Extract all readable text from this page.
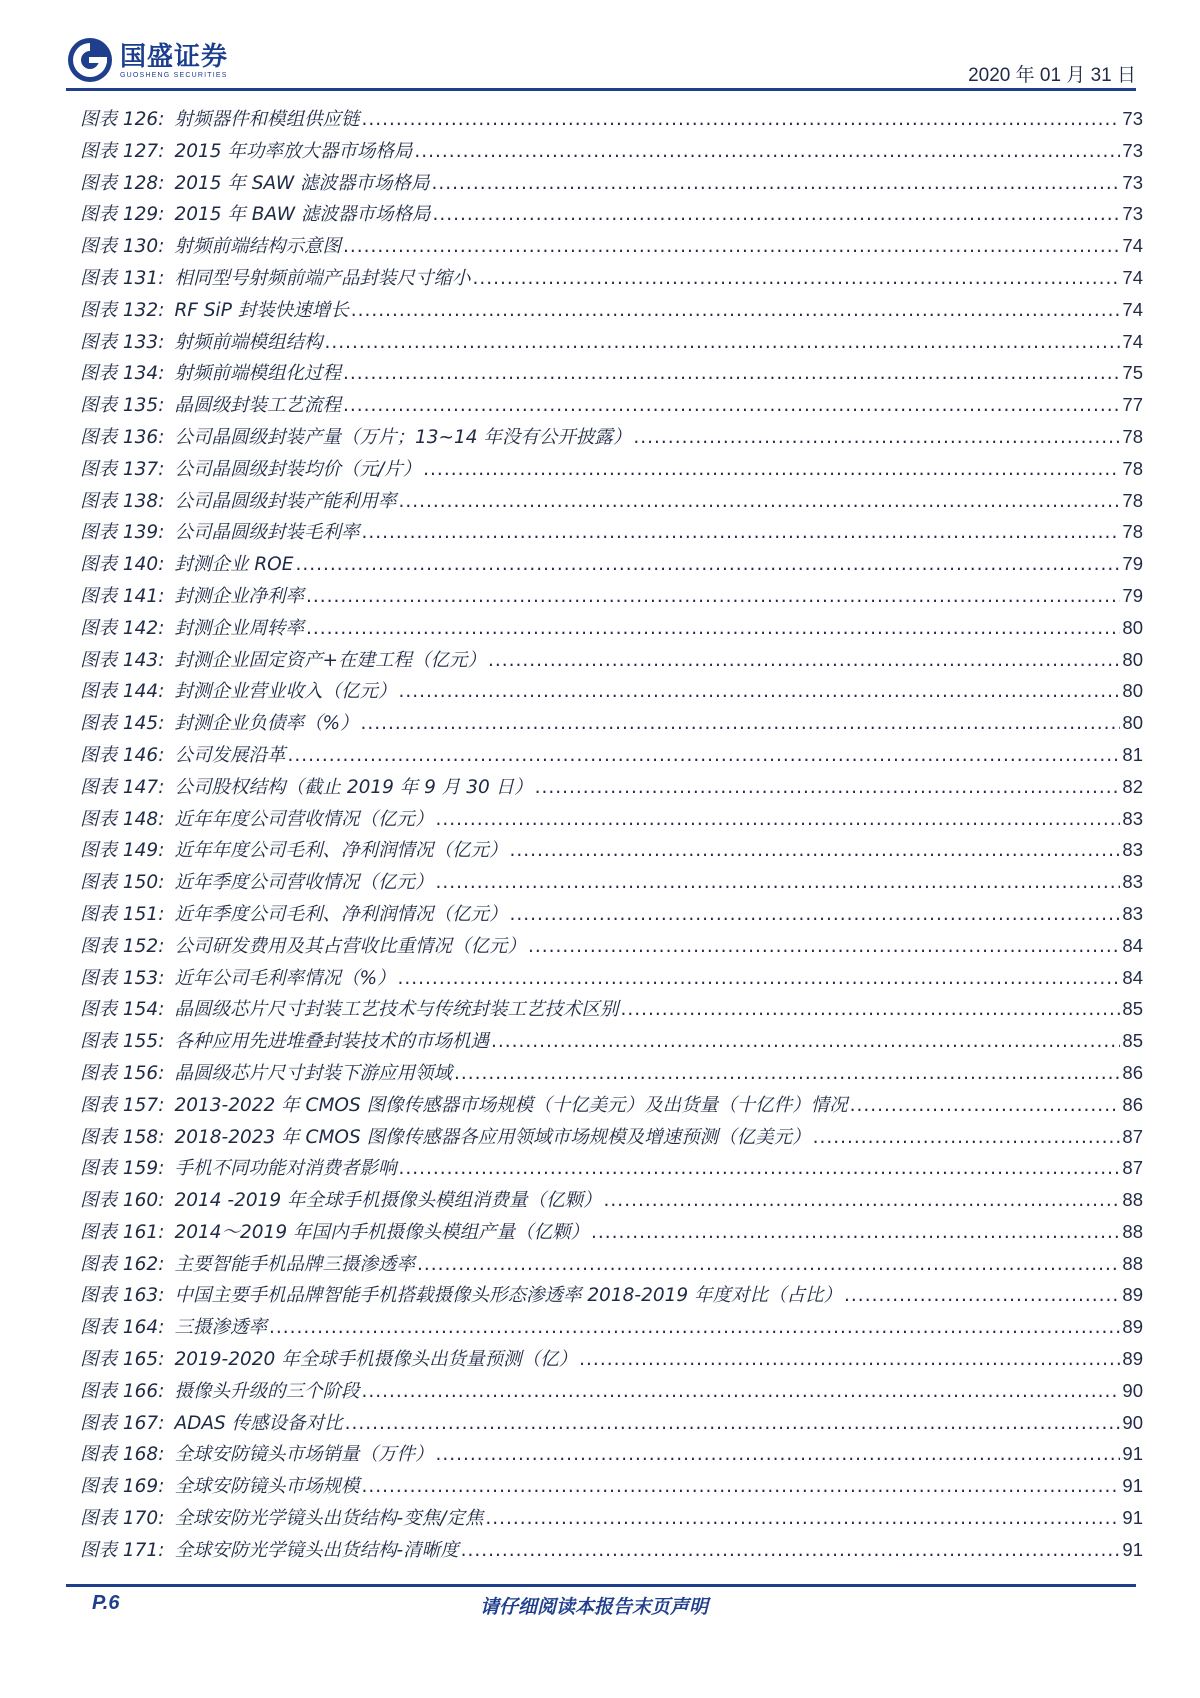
国盛证券
GUOSHENG SECURITIES	2020 年 01 月 31 日
图表 126: 射频器件和模组供应链 .....	73
图表 127: 2015 年功率放大器市场格局 .....	73
图表 128: 2015 年 SAW 滤波器市场格局 .....	73
图表 129: 2015 年 BAW 滤波器市场格局 .....	73
图表 130: 射频前端结构示意图 .....	74
图表 131: 相同型号射频前端产品封装尺寸缩小 .....	74
图表 132: RF SiP 封装快速增长 .....	74
图表 133: 射频前端模组结构 .....	74
图表 134: 射频前端模组化过程 .....	75
图表 135: 晶圆级封装工艺流程 .....	77
图表 136: 公司晶圆级封装产量（万片；13~14 年没有公开披露） .....	78
图表 137: 公司晶圆级封装均价（元/片） .....	78
图表 138: 公司晶圆级封装产能利用率 .....	78
图表 139: 公司晶圆级封装毛利率 .....	78
图表 140: 封测企业 ROE .....	79
图表 141: 封测企业净利率 .....	79
图表 142: 封测企业周转率 .....	80
图表 143: 封测企业固定资产+在建工程（亿元） .....	80
图表 144: 封测企业营业收入（亿元） .....	80
图表 145: 封测企业负债率（%） .....	80
图表 146: 公司发展沿革 .....	81
图表 147: 公司股权结构（截止 2019 年 9 月 30 日） .....	82
图表 148: 近年年度公司营收情况（亿元） .....	83
图表 149: 近年年度公司毛利、净利润情况（亿元） .....	83
图表 150: 近年季度公司营收情况（亿元） .....	83
图表 151: 近年季度公司毛利、净利润情况（亿元） .....	83
图表 152: 公司研发费用及其占营收比重情况（亿元） .....	84
图表 153: 近年公司毛利率情况（%） .....	84
图表 154: 晶圆级芯片尺寸封装工艺技术与传统封装工艺技术区别 .....	85
图表 155: 各种应用先进堆叠封装技术的市场机遇 .....	85
图表 156: 晶圆级芯片尺寸封装下游应用领域 .....	86
图表 157: 2013-2022 年 CMOS 图像传感器市场规模（十亿美元）及出货量（十亿件）情况 .....	86
图表 158: 2018-2023 年 CMOS 图像传感器各应用领域市场规模及增速预测（亿美元） .....	87
图表 159: 手机不同功能对消费者影响 .....	87
图表 160: 2014 -2019 年全球手机摄像头模组消费量（亿颗） .....	88
图表 161: 2014～2019 年国内手机摄像头模组产量（亿颗） .....	88
图表 162: 主要智能手机品牌三摄渗透率 .....	88
图表 163: 中国主要手机品牌智能手机搭载摄像头形态渗透率 2018-2019 年度对比（占比） .....	89
图表 164: 三摄渗透率 .....	89
图表 165: 2019-2020 年全球手机摄像头出货量预测（亿） .....	89
图表 166: 摄像头升级的三个阶段 .....	90
图表 167: ADAS 传感设备对比 .....	90
图表 168: 全球安防镜头市场销量（万件） .....	91
图表 169: 全球安防镜头市场规模 .....	91
图表 170: 全球安防光学镜头出货结构-变焦/定焦 .....	91
图表 171: 全球安防光学镜头出货结构-清晰度 .....	91
P.6	请仔细阅读本报告末页声明
